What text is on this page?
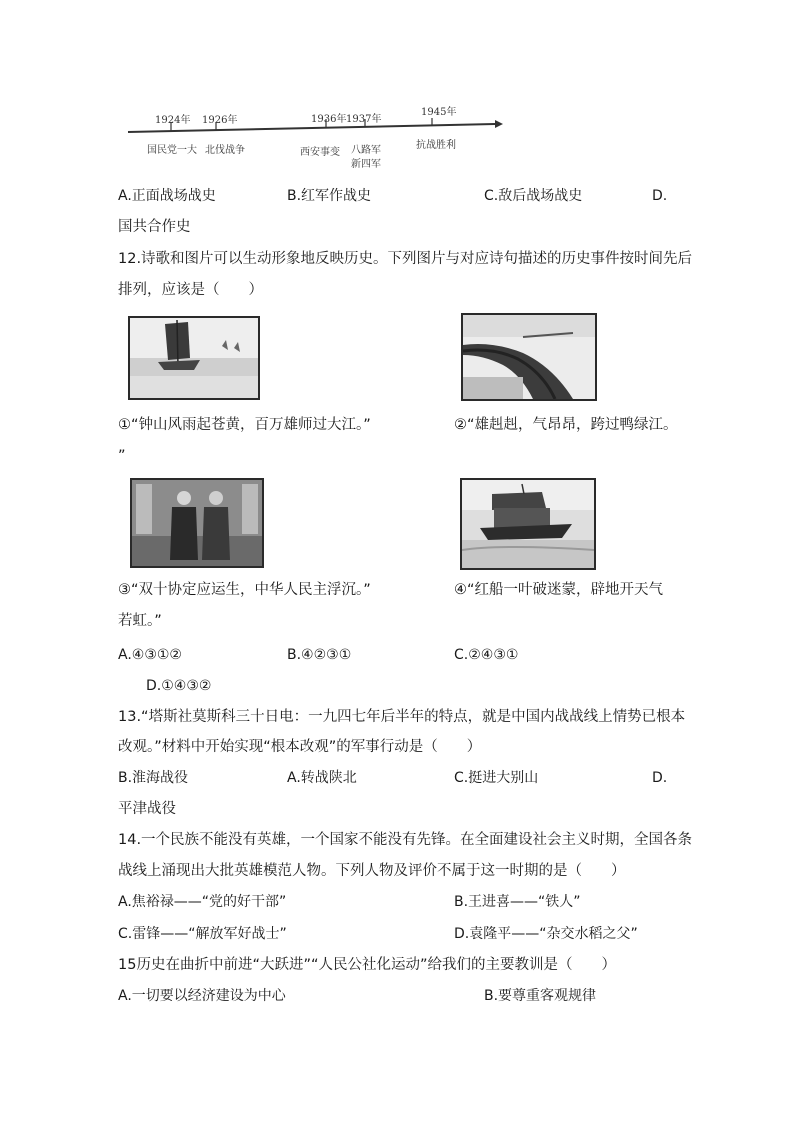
1924年 1926年	1936年 1937年
1945年
国民党一大 北伐战争	西安事变 八路军
新四军
抗战胜利
A.正面战场战史	B.红军作战史	C.敌后战场战史	D.
国共合作史
12.诗歌和图片可以生动形象地反映历史。下列图片与对应诗句描述的历史事件按时间先后
排列，应该是（　　）
①“钟山风雨起苍黄，百万雄师过大江。”	②“雄赳赳，气昂昂，跨过鸭绿江。
”
③“双十协定应运生，中华人民主浮沉。”	④“红船一叶破迷蒙，辟地开天气
若虹。”
A.④③①②	B.④②③①	C.②④③①
D.①④③②
13.“塔斯社莫斯科三十日电：一九四七年后半年的特点，就是中国内战战线上情势已根本
改观。”材料中开始实现“根本改观”的军事行动是（　　）
B.淮海战役	A.转战陕北	C.挺进大别山	D.
平津战役
14.一个民族不能没有英雄，一个国家不能没有先锋。在全面建设社会主义时期，全国各条
战线上涌现出大批英雄模范人物。下列人物及评价不属于这一时期的是（　　）
A.焦裕禄——“党的好干部”	B.王进喜——“铁人”
C.雷锋——“解放军好战士”	D.袁隆平——“杂交水稻之父”
15历史在曲折中前进“大跃进”“人民公社化运动”给我们的主要教训是（　　）
A.一切要以经济建设为中心	B.要尊重客观规律
